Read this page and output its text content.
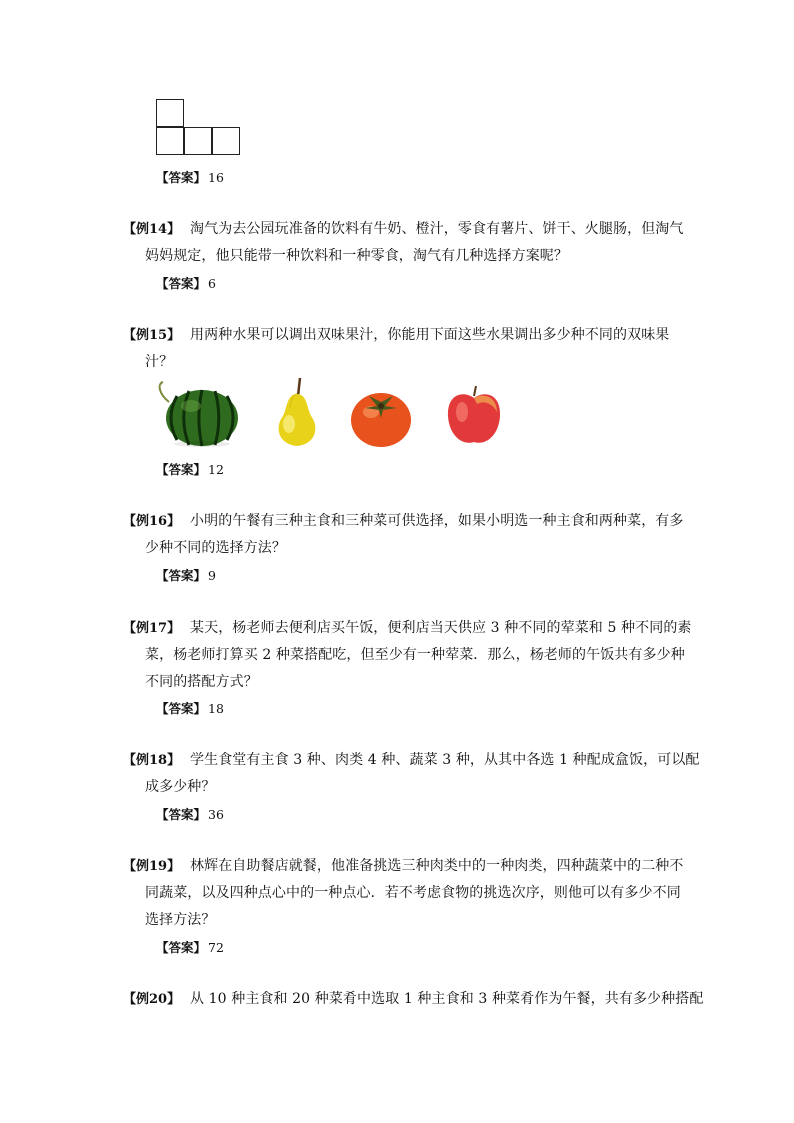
【答案】 16
【例14】 淘气为去公园玩准备的饮料有牛奶、橙汁，零食有薯片、饼干、火腿肠，但淘气
妈妈规定，他只能带一种饮料和一种零食，淘气有几种选择方案呢？
【答案】 6
【例15】 用两种水果可以调出双味果汁，你能用下面这些水果调出多少种不同的双味果
汁？
【答案】 12
【例16】 小明的午餐有三种主食和三种菜可供选择，如果小明选一种主食和两种菜，有多
少种不同的选择方法？
【答案】 9
【例17】 某天，杨老师去便利店买午饭，便利店当天供应 3 种不同的荤菜和 5 种不同的素
菜，杨老师打算买 2 种菜搭配吃，但至少有一种荤菜．那么，杨老师的午饭共有多少种
不同的搭配方式？
【答案】 18
【例18】 学生食堂有主食 3 种、肉类 4 种、蔬菜 3 种，从其中各选 1 种配成盒饭，可以配
成多少种？
【答案】 36
【例19】 林辉在自助餐店就餐，他准备挑选三种肉类中的一种肉类，四种蔬菜中的二种不
同蔬菜，以及四种点心中的一种点心．若不考虑食物的挑选次序，则他可以有多少不同
选择方法？
【答案】 72
【例20】 从 10 种主食和 20 种菜肴中选取 1 种主食和 3 种菜肴作为午餐，共有多少种搭配
